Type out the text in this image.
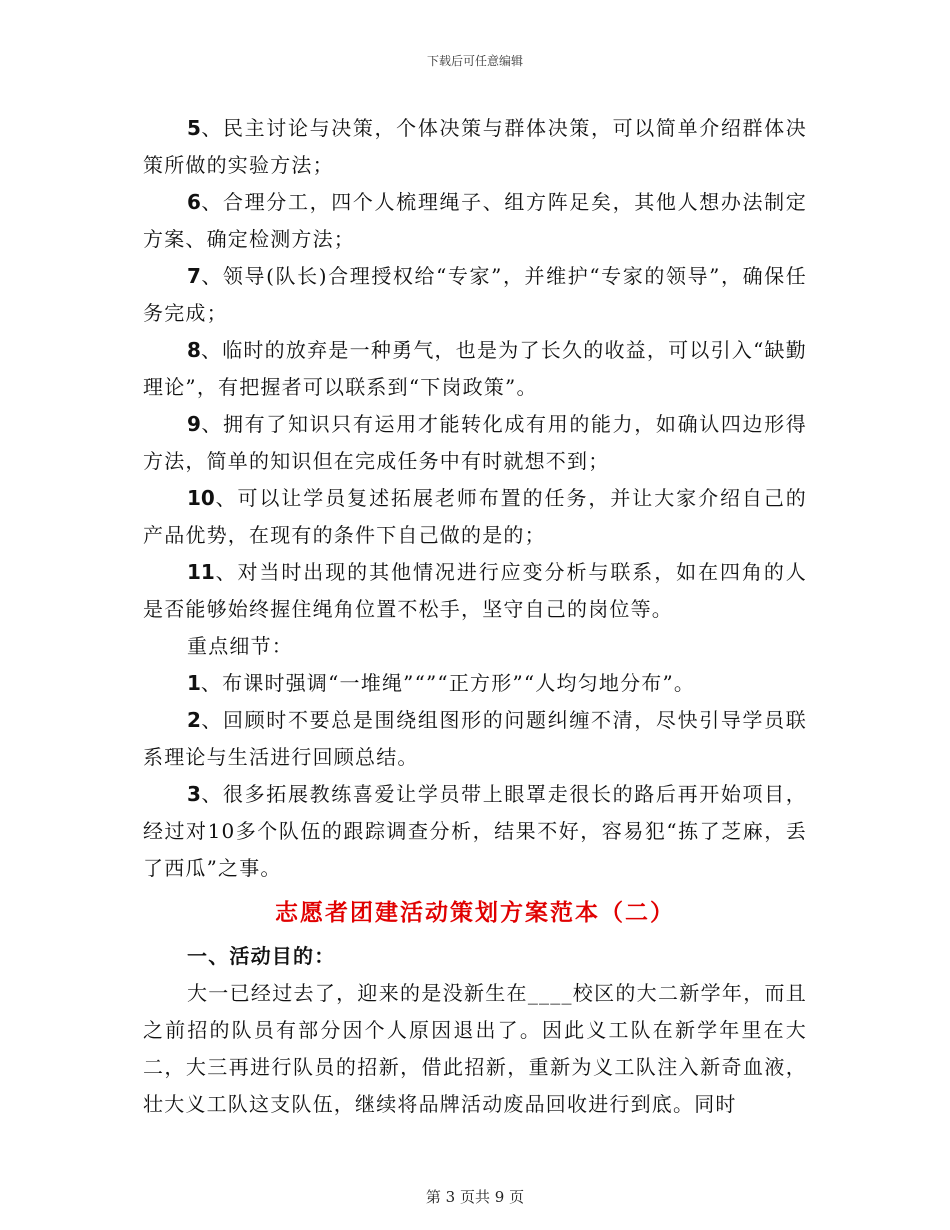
下载后可任意编辑

5、民主讨论与决策，个体决策与群体决策，可以简单介绍群体决策所做的实验方法；

6、合理分工，四个人梳理绳子、组方阵足矣，其他人想办法制定方案、确定检测方法；

7、领导(队长)合理授权给“专家”，并维护“专家的领导”，确保任务完成；

8、临时的放弃是一种勇气，也是为了长久的收益，可以引入“缺勤理论”，有把握者可以联系到“下岗政策”。

9、拥有了知识只有运用才能转化成有用的能力，如确认四边形得方法，简单的知识但在完成任务中有时就想不到；

10、可以让学员复述拓展老师布置的任务，并让大家介绍自己的产品优势，在现有的条件下自己做的是的；

11、对当时出现的其他情况进行应变分析与联系，如在四角的人是否能够始终握住绳角位置不松手，坚守自己的岗位等。

重点细节：

1、布课时强调“一堆绳”“”“正方形”“人均匀地分布”。

2、回顾时不要总是围绕组图形的问题纠缠不清，尽快引导学员联系理论与生活进行回顾总结。

3、很多拓展教练喜爱让学员带上眼罩走很长的路后再开始项目，经过对10多个队伍的跟踪调查分析，结果不好，容易犯“拣了芝麻，丢了西瓜”之事。

志愿者团建活动策划方案范本（二）

一、活动目的：

大一已经过去了，迎来的是没新生在____校区的大二新学年，而且之前招的队员有部分因个人原因退出了。因此义工队在新学年里在大二，大三再进行队员的招新，借此招新，重新为义工队注入新奇血液，壮大义工队这支队伍，继续将品牌活动废品回收进行到底。同时

第 3 页共 9 页
